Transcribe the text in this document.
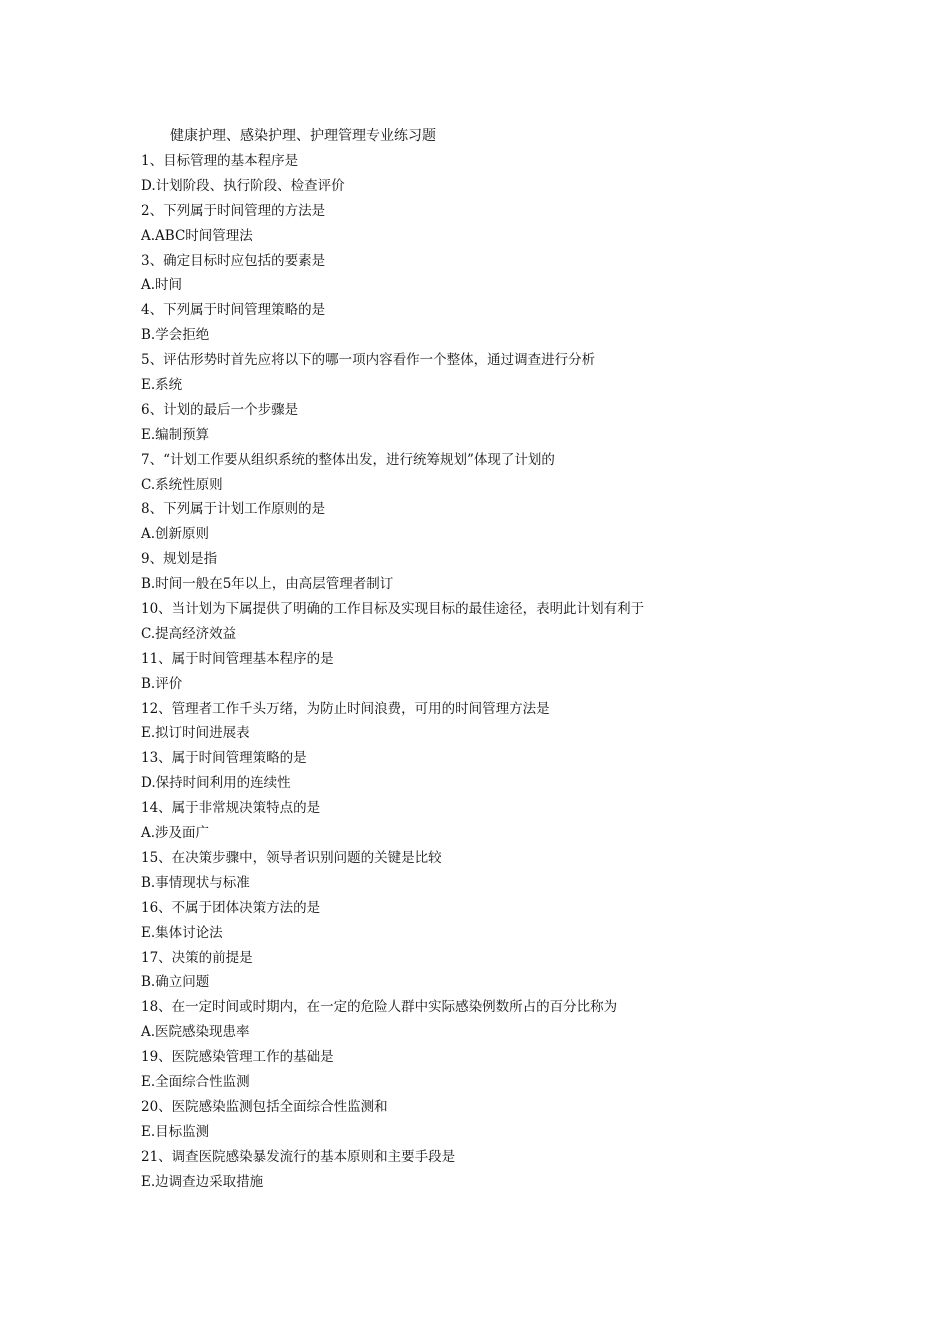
健康护理、感染护理、护理管理专业练习题
1、目标管理的基本程序是
D.计划阶段、执行阶段、检查评价
2、下列属于时间管理的方法是
A.ABC时间管理法
3、确定目标时应包括的要素是
A.时间
4、下列属于时间管理策略的是
B.学会拒绝
5、评估形势时首先应将以下的哪一项内容看作一个整体，通过调查进行分析
E.系统
6、计划的最后一个步骤是
E.编制预算
7、“计划工作要从组织系统的整体出发，进行统筹规划”体现了计划的
C.系统性原则
8、下列属于计划工作原则的是
A.创新原则
9、规划是指
B.时间一般在5年以上，由高层管理者制订
10、当计划为下属提供了明确的工作目标及实现目标的最佳途径，表明此计划有利于
C.提高经济效益
11、属于时间管理基本程序的是
B.评价
12、管理者工作千头万绪，为防止时间浪费，可用的时间管理方法是
E.拟订时间进展表
13、属于时间管理策略的是
D.保持时间利用的连续性
14、属于非常规决策特点的是
A.涉及面广
15、在决策步骤中，领导者识别问题的关键是比较
B.事情现状与标准
16、不属于团体决策方法的是
E.集体讨论法
17、决策的前提是
B.确立问题
18、在一定时间或时期内，在一定的危险人群中实际感染例数所占的百分比称为
A.医院感染现患率
19、医院感染管理工作的基础是
E.全面综合性监测
20、医院感染监测包括全面综合性监测和
E.目标监测
21、调查医院感染暴发流行的基本原则和主要手段是
E.边调查边采取措施
